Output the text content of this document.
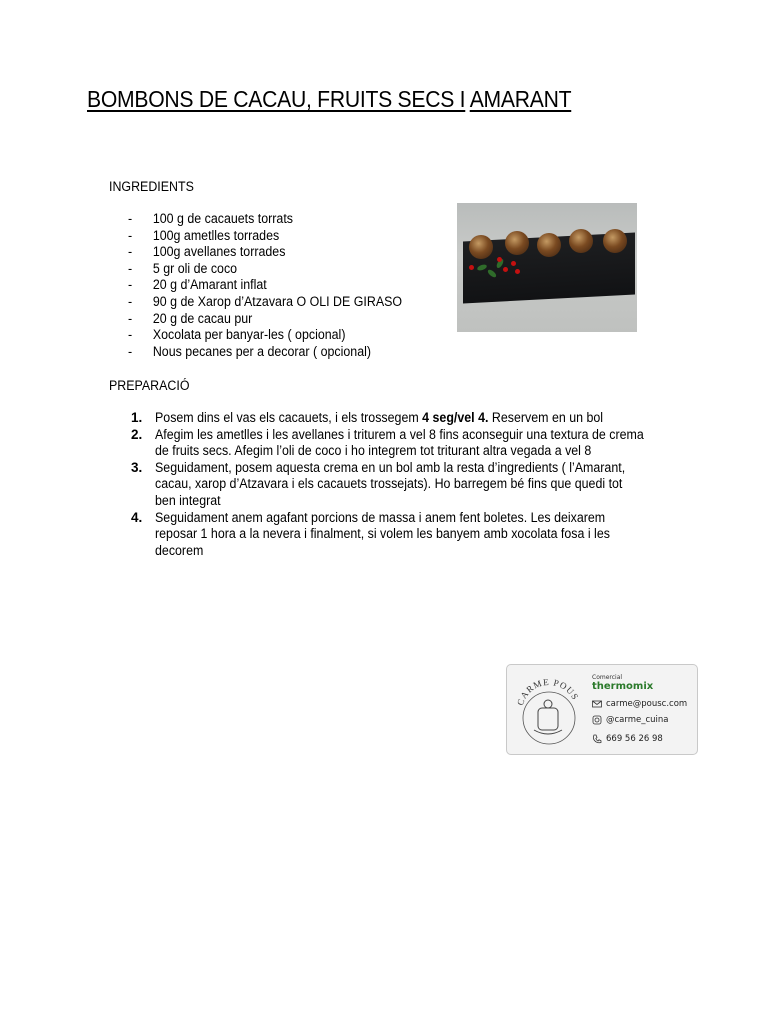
BOMBONS DE CACAU, FRUITS SECS I AMARANT
INGREDIENTS
- 100 g de cacauets torrats
- 100g ametlles torrades
- 100g avellanes torrades
- 5 gr oli de coco
- 20 g d’Amarant inflat
- 90 g de Xarop d’Atzavara O OLI DE GIRASO
- 20 g de cacau pur
- Xocolata per banyar-les ( opcional)
- Nous pecanes per a decorar ( opcional)
PREPARACIÓ
1. Posem dins el vas els cacauets, i els trossegem 4 seg/vel 4. Reservem en un bol
2. Afegim les ametlles i les avellanes i triturem a vel 8 fins aconseguir una textura de crema
de fruits secs. Afegim l’oli de coco i ho integrem tot triturant altra vegada a vel 8
3. Seguidament, posem aquesta crema en un bol amb la resta d’ingredients ( l’Amarant,
cacau, xarop d’Atzavara i els cacauets trossejats). Ho barregem bé fins que quedi tot
ben integrat
4. Seguidament anem agafant porcions de massa i anem fent boletes. Les deixarem
reposar 1 hora a la nevera i finalment, si volem les banyem amb xocolata fosa i les
decorem
CARME POUS
Comercial
thermomix
carme@pousc.com
@carme_cuina
669 56 26 98
